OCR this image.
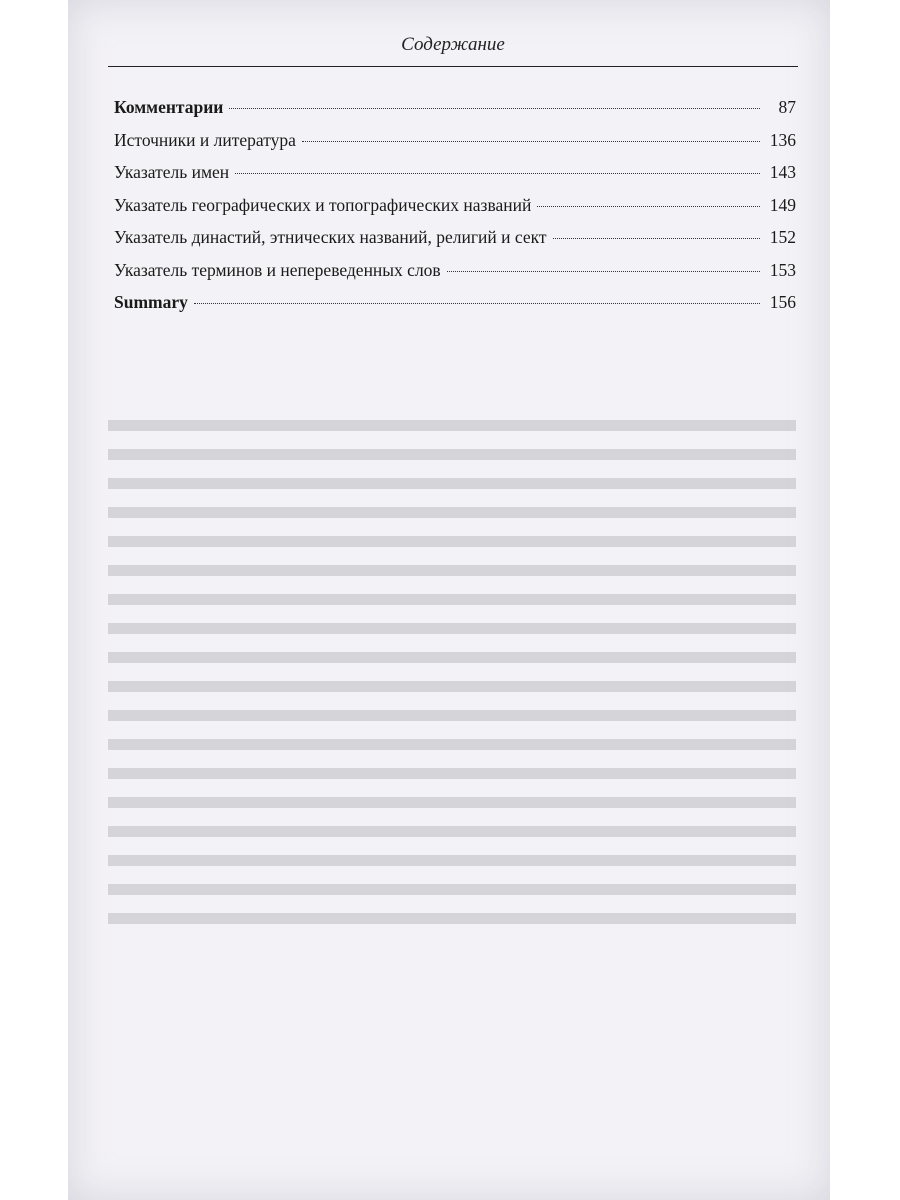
Содержание
Комментарии	87
Источники и литература	136
Указатель имен	143
Указатель географических и топографических названий	149
Указатель династий, этнических названий, религий и сект	152
Указатель терминов и непереведенных слов	153
Summary	156
